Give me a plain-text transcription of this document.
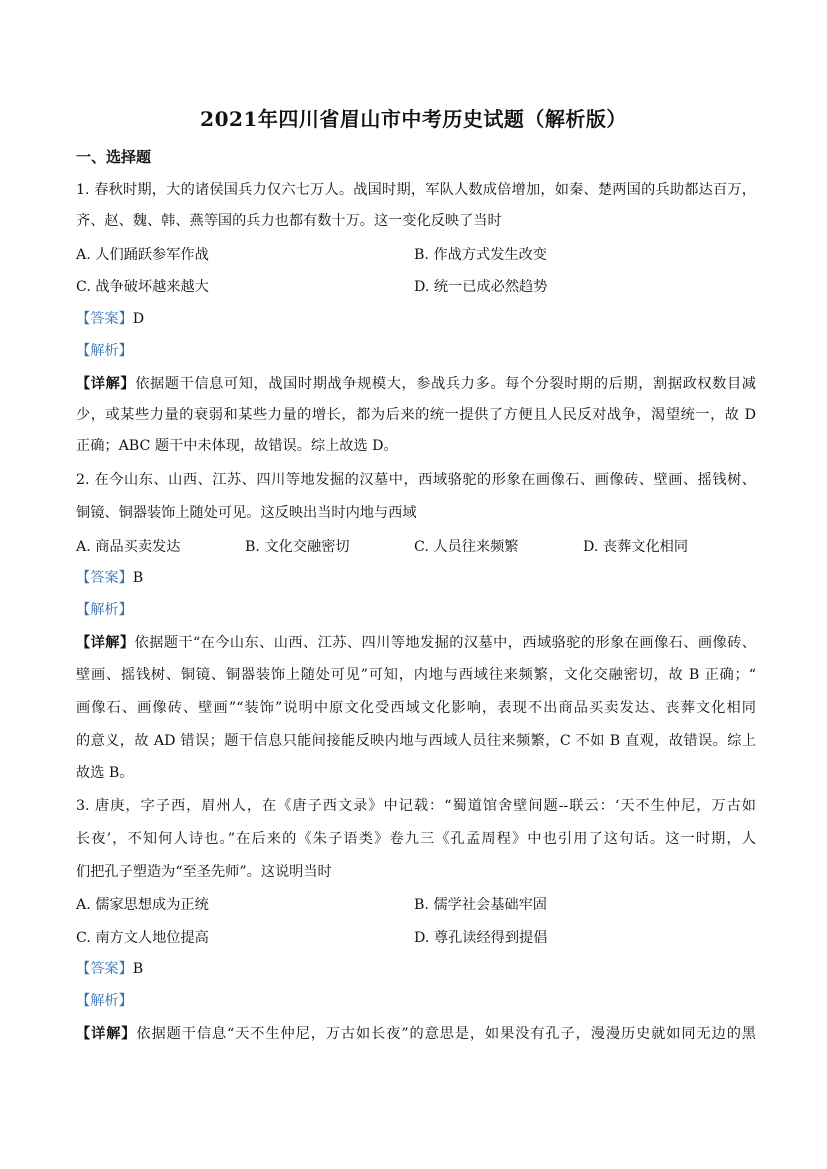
2021年四川省眉山市中考历史试题（解析版）
一、选择题
1. 春秋时期，大的诸侯国兵力仅六七万人。战国时期，军队人数成倍增加，如秦、楚两国的兵助都达百万，
齐、赵、魏、韩、燕等国的兵力也都有数十万。这一变化反映了当时
A. 人们踊跃参军作战	B. 作战方式发生改变
C. 战争破坏越来越大	D. 统一已成必然趋势
【答案】D
【解析】
【详解】依据题干信息可知，战国时期战争规模大，参战兵力多。每个分裂时期的后期，割据政权数目减
少，或某些力量的衰弱和某些力量的增长，都为后来的统一提供了方便且人民反对战争，渴望统一，故 D
正确；ABC 题干中未体现，故错误。综上故选 D。
2. 在今山东、山西、江苏、四川等地发掘的汉墓中，西域骆驼的形象在画像石、画像砖、壁画、摇钱树、
铜镜、铜器装饰上随处可见。这反映出当时内地与西域
A. 商品买卖发达	B. 文化交融密切	C. 人员往来频繁	D. 丧葬文化相同
【答案】B
【解析】
【详解】依据题干“在今山东、山西、江苏、四川等地发掘的汉墓中，西域骆驼的形象在画像石、画像砖、
壁画、摇钱树、铜镜、铜器装饰上随处可见”可知，内地与西域往来频繁，文化交融密切，故 B 正确；“
画像石、画像砖、壁画”“装饰”说明中原文化受西域文化影响，表现不出商品买卖发达、丧葬文化相同
的意义，故 AD 错误；题干信息只能间接能反映内地与西域人员往来频繁，C 不如 B 直观，故错误。综上
故选 B。
3. 唐庚，字子西，眉州人，在《唐子西文录》中记载：“蜀道馆舍壁间题--联云：‘天不生仲尼，万古如
长夜’，不知何人诗也。”在后来的《朱子语类》卷九三《孔孟周程》中也引用了这句话。这一时期，人
们把孔子塑造为“至圣先师”。这说明当时
A. 儒家思想成为正统	B. 儒学社会基础牢固
C. 南方文人地位提高	D. 尊孔读经得到提倡
【答案】B
【解析】
【详解】依据题干信息“天不生仲尼，万古如长夜”的意思是，如果没有孔子，漫漫历史就如同无边的黑
